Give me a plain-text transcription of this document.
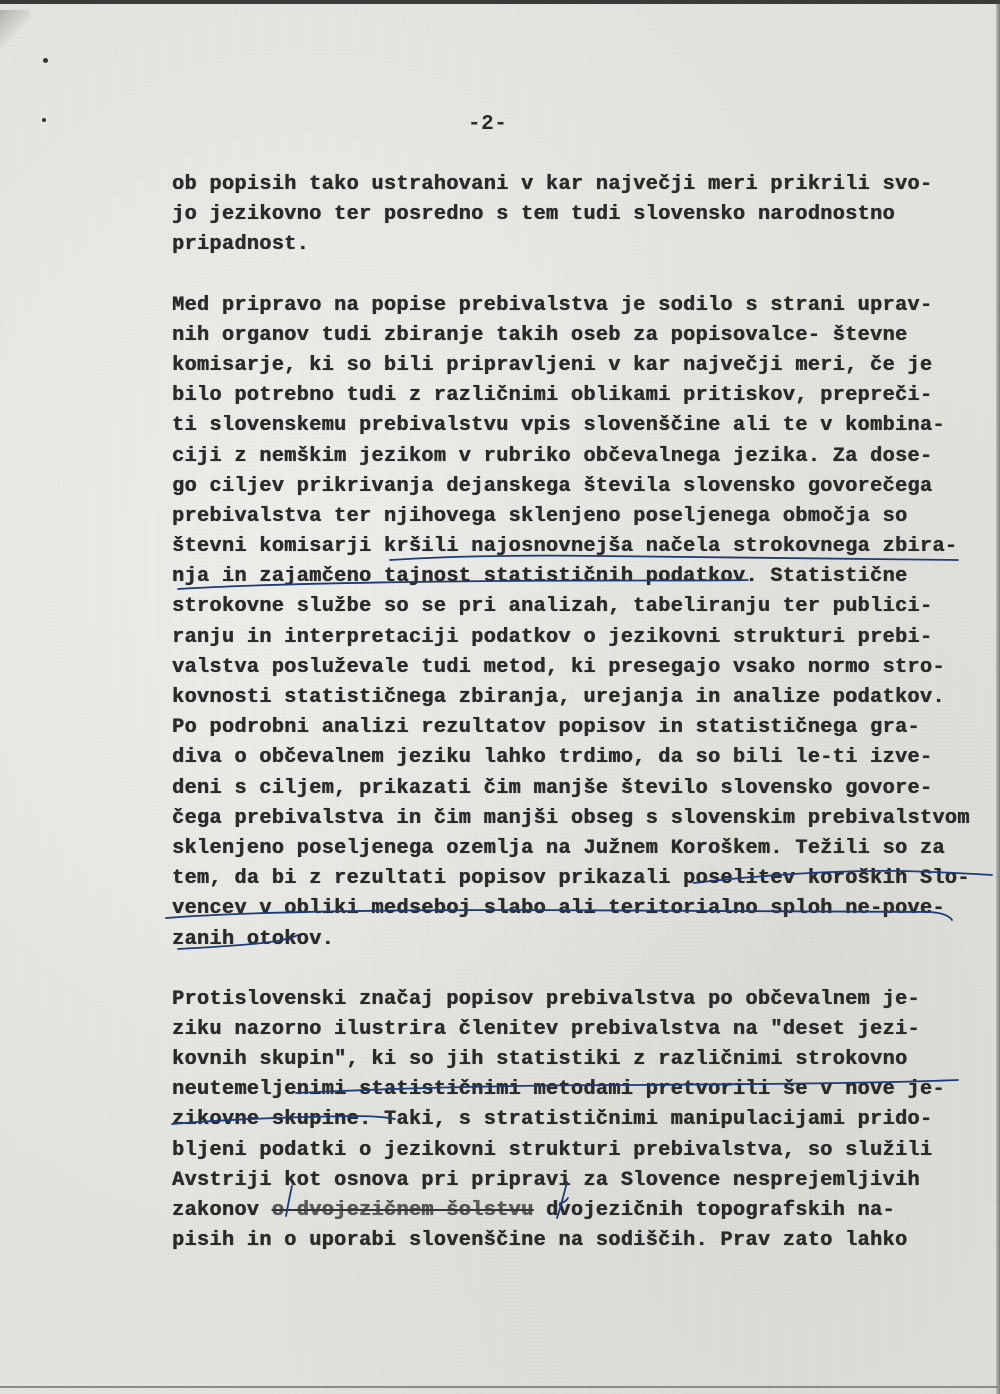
-2-
ob popisih tako ustrahovani v kar največji meri prikrili svo-
jo jezikovno ter posredno s tem tudi slovensko narodnostno
pripadnost.
Med pripravo na popise prebivalstva je sodilo s strani uprav-
nih organov tudi zbiranje takih oseb za popisovalce- števne
komisarje, ki so bili pripravljeni v kar največji meri, če je
bilo potrebno tudi z različnimi oblikami pritiskov, prepreči-
ti slovenskemu prebivalstvu vpis slovenščine ali te v kombina-
ciji z nemškim jezikom v rubriko občevalnega jezika. Za dose-
go ciljev prikrivanja dejanskega števila slovensko govorečega
prebivalstva ter njihovega sklenjeno poseljenega območja so
števni komisarji kršili najosnovnejša načela strokovnega zbira-
nja in zajamčeno tajnost statističnih podatkov. Statistične
strokovne službe so se pri analizah, tabeliranju ter publici-
ranju in interpretaciji podatkov o jezikovni strukturi prebi-
valstva posluževale tudi metod, ki presegajo vsako normo stro-
kovnosti statističnega zbiranja, urejanja in analize podatkov.
Po podrobni analizi rezultatov popisov in statističnega gra-
diva o občevalnem jeziku lahko trdimo, da so bili le-ti izve-
deni s ciljem, prikazati čim manjše število slovensko govore-
čega prebivalstva in čim manjši obseg s slovenskim prebivalstvom
sklenjeno poseljenega ozemlja na Južnem Koroškem. Težili so za
tem, da bi z rezultati popisov prikazali poselitev koroških Slo-
vencev v obliki medseboj slabo ali teritorialno sploh ne-pove-
zanih otokov.
Protislovenski značaj popisov prebivalstva po občevalnem je-
ziku nazorno ilustrira členitev prebivalstva na "deset jezi-
kovnih skupin", ki so jih statistiki z različnimi strokovno
neutemeljenimi statističnimi metodami pretvorili še v nove je-
zikovne skupine. Taki, s stratističnimi manipulacijami prido-
bljeni podatki o jezikovni strukturi prebivalstva, so služili
Avstriji kot osnova pri pripravi za Slovence nesprejemljivih
zakonov o dvojezičnem šolstvu dvojezičnih topografskih na-
pisih in o uporabi slovenščine na sodiščih. Prav zato lahko
